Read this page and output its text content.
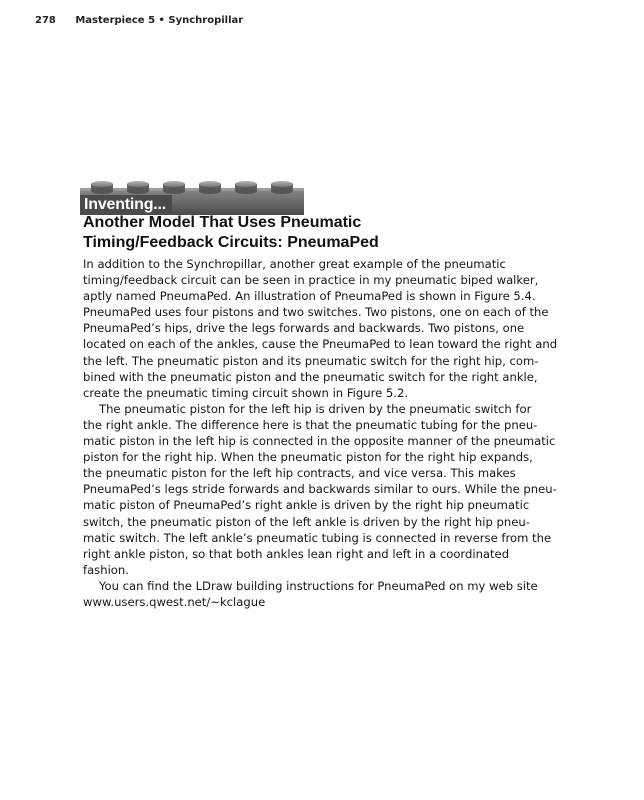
278 Masterpiece 5 • Synchropillar
Inventing...
Another Model That Uses Pneumatic
Timing/Feedback Circuits: PneumaPed

In addition to the Synchropillar, another great example of the pneumatic
timing/feedback circuit can be seen in practice in my pneumatic biped walker,
aptly named PneumaPed. An illustration of PneumaPed is shown in Figure 5.4.
PneumaPed uses four pistons and two switches. Two pistons, one on each of the
PneumaPed’s hips, drive the legs forwards and backwards. Two pistons, one
located on each of the ankles, cause the PneumaPed to lean toward the right and
the left. The pneumatic piston and its pneumatic switch for the right hip, com-
bined with the pneumatic piston and the pneumatic switch for the right ankle,
create the pneumatic timing circuit shown in Figure 5.2.

The pneumatic piston for the left hip is driven by the pneumatic switch for
the right ankle. The difference here is that the pneumatic tubing for the pneu-
matic piston in the left hip is connected in the opposite manner of the pneumatic
piston for the right hip. When the pneumatic piston for the right hip expands,
the pneumatic piston for the left hip contracts, and vice versa. This makes
PneumaPed’s legs stride forwards and backwards similar to ours. While the pneu-
matic piston of PneumaPed’s right ankle is driven by the right hip pneumatic
switch, the pneumatic piston of the left ankle is driven by the right hip pneu-
matic switch. The left ankle’s pneumatic tubing is connected in reverse from the
right ankle piston, so that both ankles lean right and left in a coordinated
fashion.

You can find the LDraw building instructions for PneumaPed on my web site
www.users.qwest.net/~kclague
